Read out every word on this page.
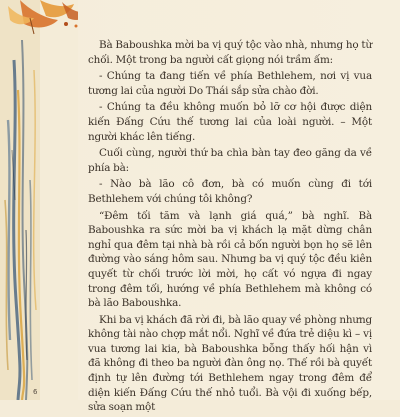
Bà Baboushka mời ba vị quý tộc vào nhà, nhưng họ từ chối. Một trong ba người cất giọng nói trầm ấm:

- Chúng ta đang tiến về phía Bethlehem, nơi vị vua tương lai của người Do Thái sắp sửa chào đời.

- Chúng ta đều không muốn bỏ lỡ cơ hội được diện kiến Đấng Cứu thế tương lai của loài người. – Một người khác lên tiếng.

Cuối cùng, người thứ ba chìa bàn tay đeo găng da về phía bà:

- Nào bà lão cô đơn, bà có muốn cùng đi tới Bethlehem với chúng tôi không?

“Đêm tối tăm và lạnh giá quá,” bà nghĩ. Bà Baboushka ra sức mời ba vị khách lạ mặt dừng chân nghỉ qua đêm tại nhà bà rồi cả bốn người bọn họ sẽ lên đường vào sáng hôm sau. Nhưng ba vị quý tộc đều kiên quyết từ chối trước lời mời, họ cất vó ngựa đi ngay trong đêm tối, hướng về phía Bethlehem mà không có bà lão Baboushka.

Khi ba vị khách đã rời đi, bà lão quay về phòng nhưng không tài nào chợp mắt nổi. Nghĩ về đứa trẻ diệu kì – vị vua tương lai kia, bà Baboushka bỗng thấy hối hận vì đã không đi theo ba người đàn ông nọ. Thế rồi bà quyết định tự lên đường tới Bethlehem ngay trong đêm để diện kiến Đấng Cứu thế nhỏ tuổi. Bà vội đi xuống bếp, sửa soạn một

6
